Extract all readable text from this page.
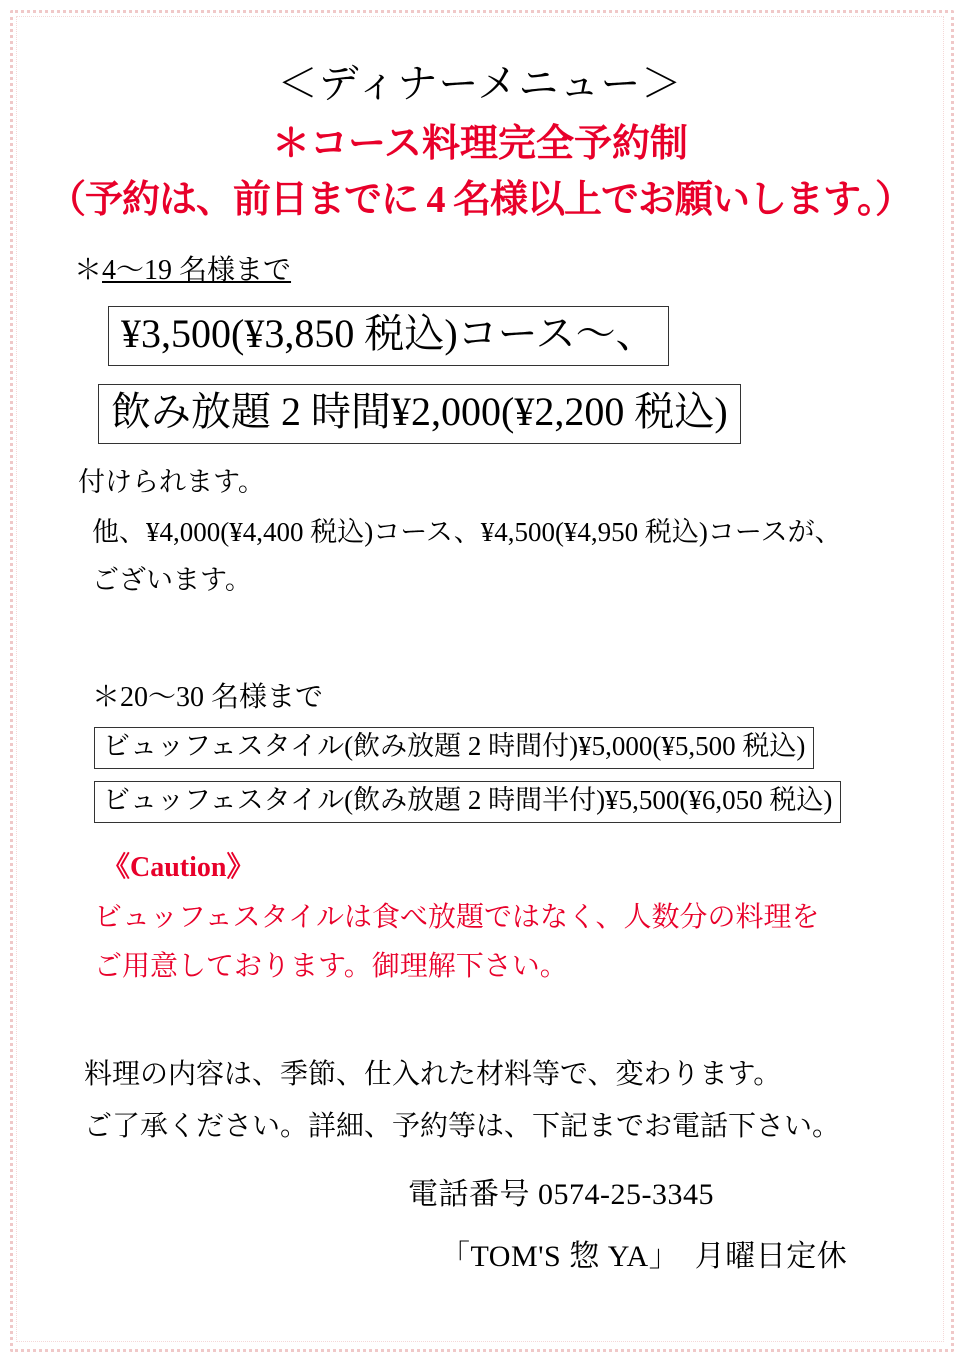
＜ディナーメニュー＞
＊コース料理完全予約制
（予約は、前日までに 4 名様以上でお願いします。）
＊4～19 名様まで
¥3,500(¥3,850 税込)コース～、
飲み放題 2 時間¥2,000(¥2,200 税込)
付けられます。
他、¥4,000(¥4,400 税込)コース、¥4,500(¥4,950 税込)コースが、
ございます。
＊20～30 名様まで
ビュッフェスタイル(飲み放題 2 時間付)¥5,000(¥5,500 税込)
ビュッフェスタイル(飲み放題 2 時間半付)¥5,500(¥6,050 税込)
《Caution》
ビュッフェスタイルは食べ放題ではなく、人数分の料理を
ご用意しております。御理解下さい。
料理の内容は、季節、仕入れた材料等で、変わります。
ご了承ください。詳細、予約等は、下記までお電話下さい。
電話番号 0574-25-3345
「TOM'S 惣 YA」　月曜日定休
